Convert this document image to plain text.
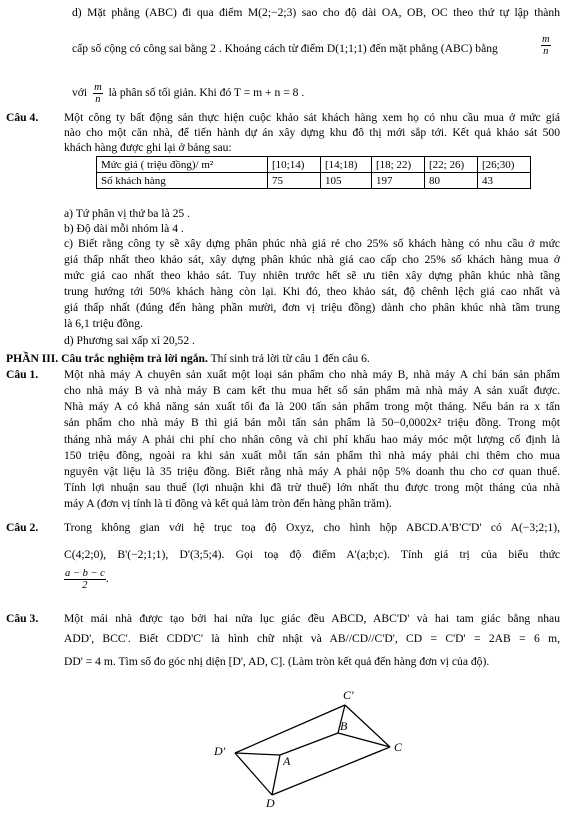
d) Mặt phẳng (ABC) đi qua điểm M(2;−2;3) sao cho độ dài OA, OB, OC theo thứ tự lập thành
cấp số cộng có công sai bằng 2 . Khoảng cách từ điểm D(1;1;1) đến mặt phẳng (ABC) bằng	$\frac{m}{n}$
với $\frac{m}{n}$ là phân số tối giản. Khi đó T = m + n = 8 .
Câu 4. Một công ty bất động sản thực hiện cuộc khảo sát khách hàng xem họ có nhu cầu mua ở mức giá
nào cho một căn nhà, để tiến hành dự án xây dựng khu đô thị mới sắp tới. Kết quả khảo sát 500
khách hàng được ghi lại ở bảng sau:
Mức giá ( triệu đồng)/ m²	[10;14)	[14;18)	[18; 22)	[22; 26)	[26;30)
Số khách hàng	75	105	197	80	43
a) Tứ phân vị thứ ba là 25 .
b) Độ dài mỗi nhóm là 4 .
c) Biết rằng công ty sẽ xây dựng phân phúc nhà giá rẻ cho 25% số khách hàng có nhu cầu ở mức
giá thấp nhất theo khảo sát, xây dựng phân khúc nhà giá cao cấp cho 25% số khách hàng mua ở
mức giá cao nhất theo khảo sát. Tuy nhiên trước hết sẽ ưu tiên xây dựng phân khúc nhà tầng
trung hướng tới 50% khách hàng còn lại. Khi đó, theo khảo sát, độ chênh lệch giá cao nhất và
giá thấp nhất (đúng đến hàng phần mười, đơn vị triệu đồng) dành cho phân khúc nhà tầm trung
là 6,1 triệu đồng.
d) Phương sai xấp xỉ 20,52 .
PHẦN III. Câu trắc nghiệm trả lời ngắn. Thí sinh trả lời từ câu 1 đến câu 6.
Câu 1. Một nhà máy A chuyên sản xuất một loại sản phẩm cho nhà máy B, nhà máy A chỉ bán sản phẩm
cho nhà máy B và nhà máy B cam kết thu mua hết số sản phẩm mà nhà máy A sản xuất được.
Nhà máy A có khả năng sản xuất tối đa là 200 tấn sản phẩm trong một tháng. Nếu bán ra x tấn
sản phẩm cho nhà máy B thì giá bán mỗi tấn sản phẩm là 50−0,0002x² triệu đồng. Trong một
tháng nhà máy A phải chi phí cho nhân công và chi phí khấu hao máy móc một lượng cố định là
150 triệu đồng, ngoài ra khi sản xuất mỗi tấn sản phẩm thì nhà máy phải chi thêm cho mua
nguyên vật liệu là 35 triệu đồng. Biết rằng nhà máy A phải nộp 5% doanh thu cho cơ quan thuế.
Tính lợi nhuận sau thuế (lợi nhuận khi đã trừ thuế) lớn nhất thu được trong một tháng của nhà
máy A (đơn vị tính là tỉ đồng và kết quả làm tròn đến hàng phần trăm).
Câu 2. Trong không gian với hệ trục toạ độ Oxyz, cho hình hộp ABCD.A'B'C'D' có A(−3;2;1),
C(4;2;0), B'(−2;1;1), D'(3;5;4). Gọi toạ độ điểm A'(a;b;c). Tính giá trị của biểu thức
$\frac{a - b - c}{2}$ .
Câu 3. Một mái nhà được tạo bởi hai nửa lục giác đều ABCD, ABC'D' và hai tam giác bằng nhau
ADD', BCC'. Biết CDD'C' là hình chữ nhật và AB//CD//C'D', CD = C'D' = 2AB = 6 m,
DD' = 4 m. Tìm số đo góc nhị diện [D', AD, C]. (Làm tròn kết quả đến hàng đơn vị của độ).
C'
B
C
D'
A
D
